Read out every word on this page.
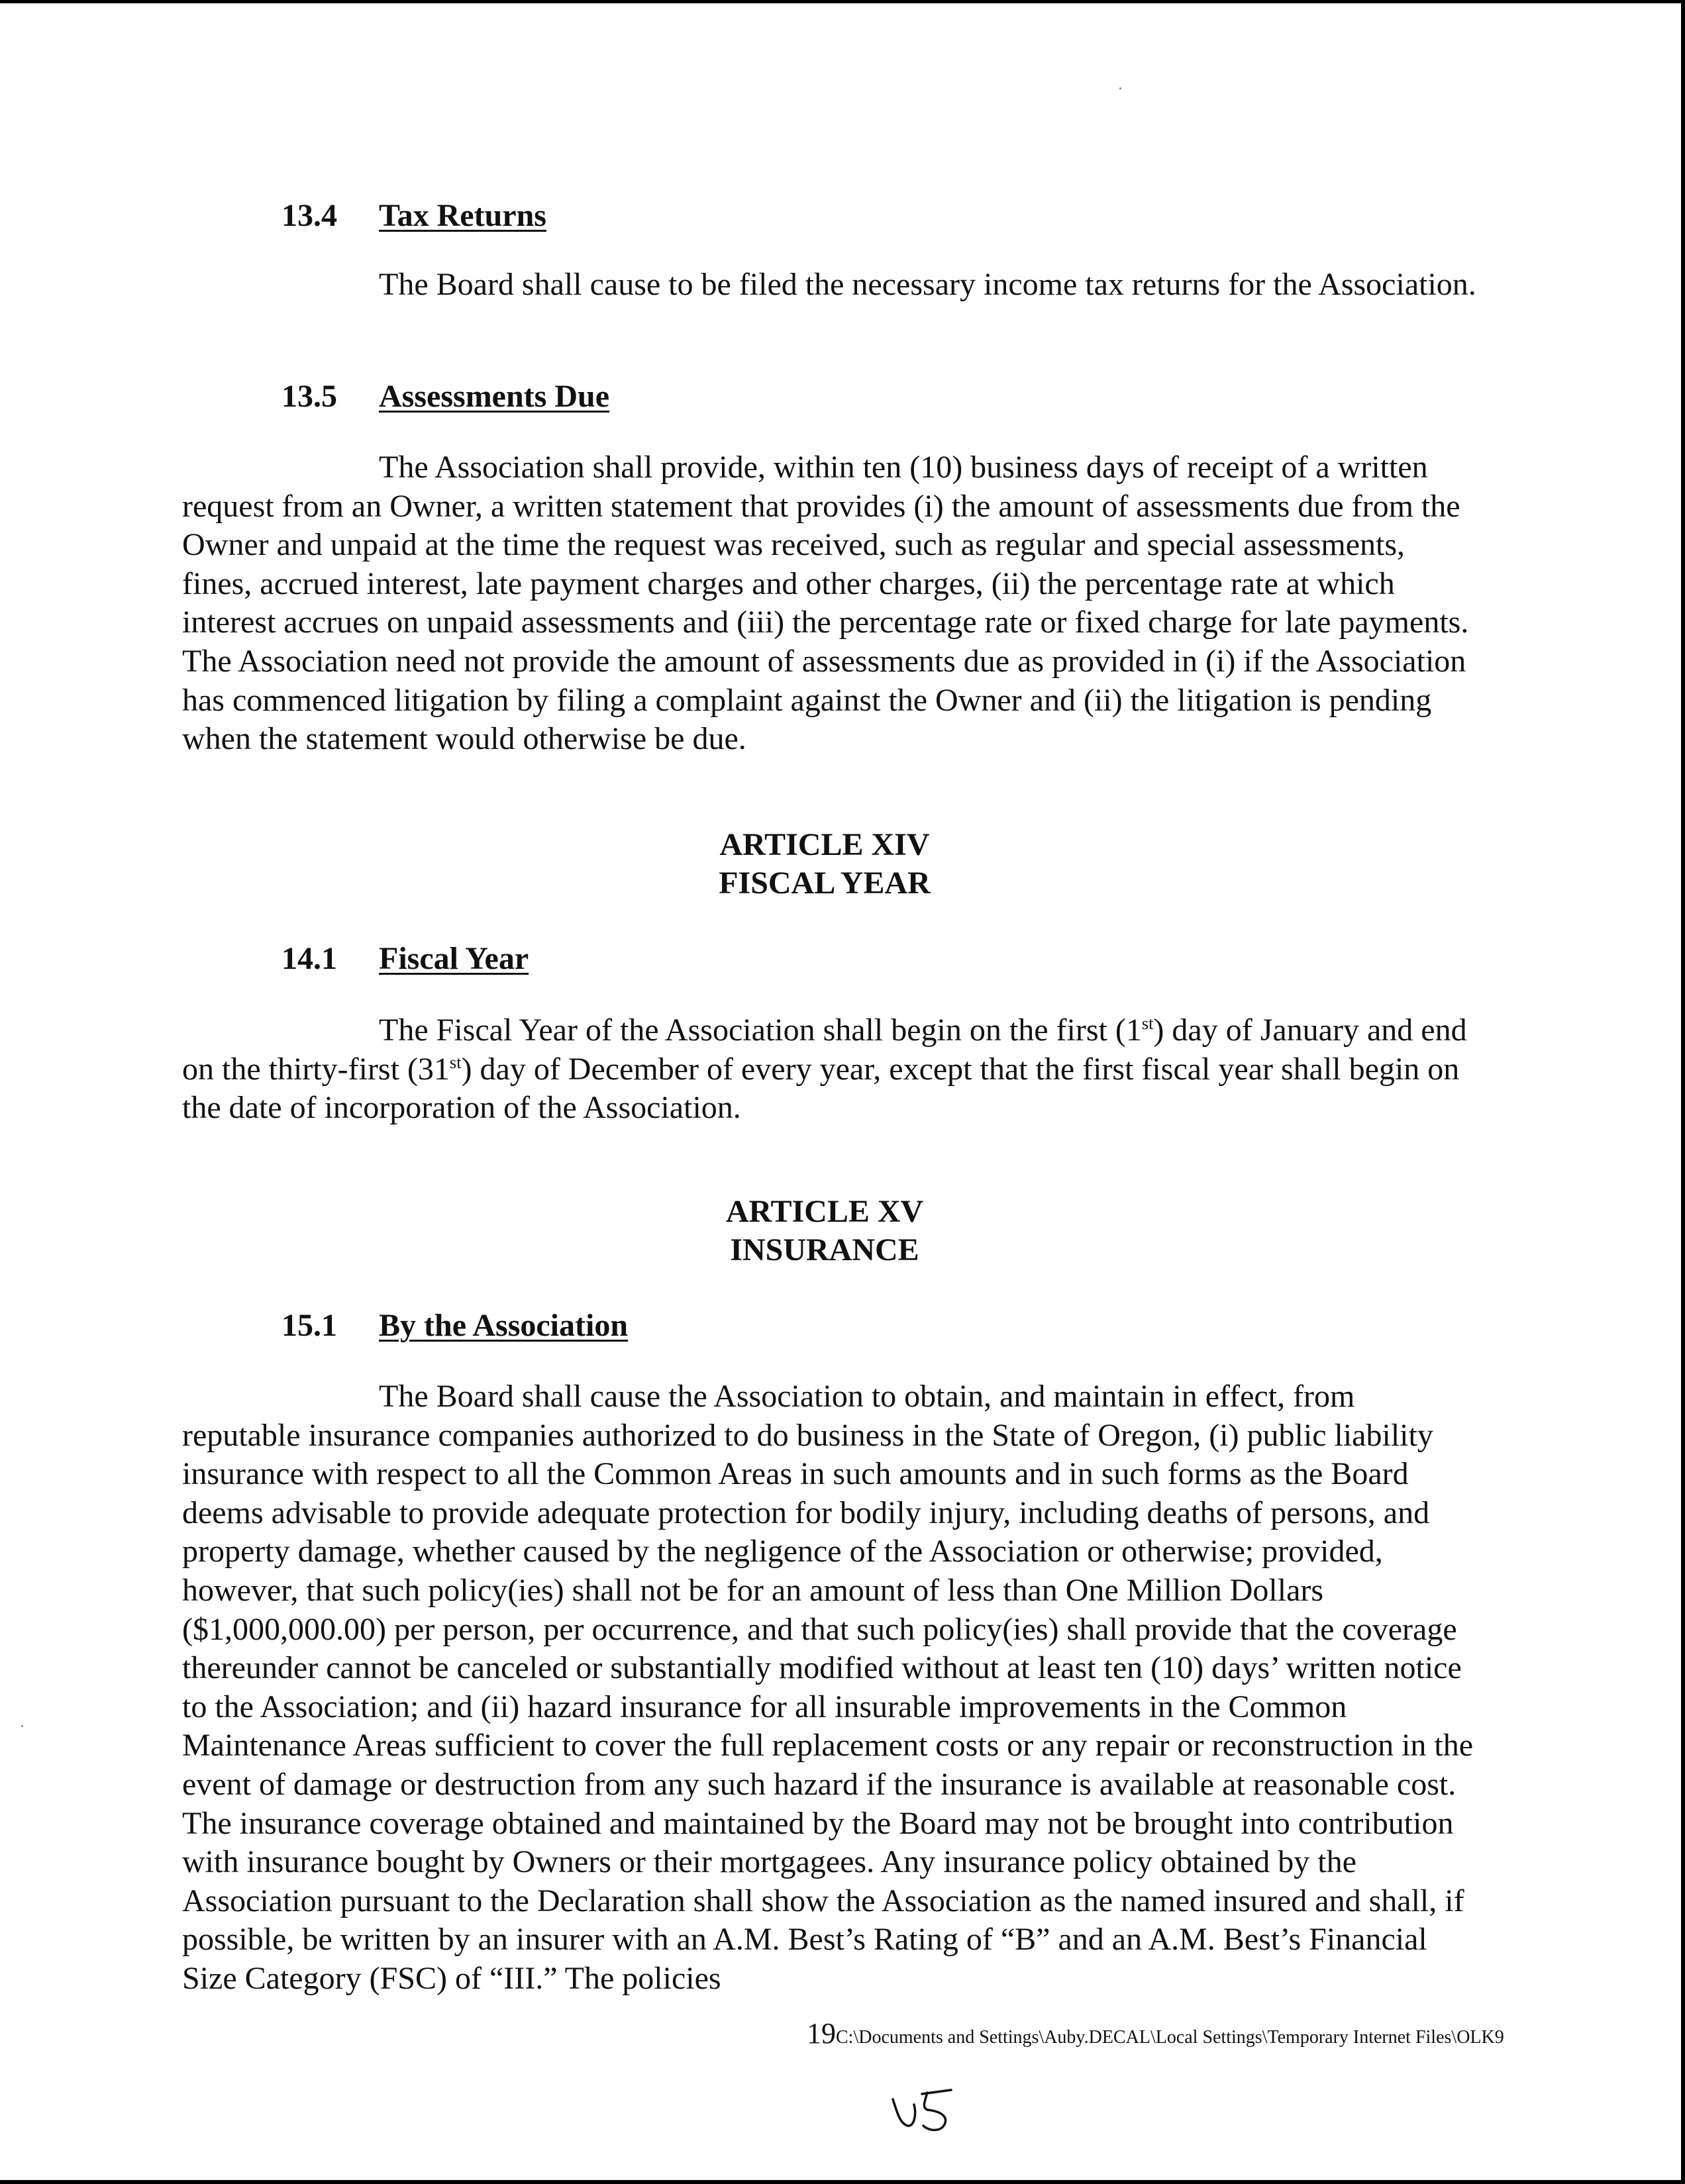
13.4 Tax Returns
The Board shall cause to be filed the necessary income tax returns for the Association.
13.5 Assessments Due
The Association shall provide, within ten (10) business days of receipt of a written request from an Owner, a written statement that provides (i) the amount of assessments due from the Owner and unpaid at the time the request was received, such as regular and special assessments, fines, accrued interest, late payment charges and other charges, (ii) the percentage rate at which interest accrues on unpaid assessments and (iii) the percentage rate or fixed charge for late payments. The Association need not provide the amount of assessments due as provided in (i) if the Association has commenced litigation by filing a complaint against the Owner and (ii) the litigation is pending when the statement would otherwise be due.
ARTICLE XIV
FISCAL YEAR
14.1 Fiscal Year
The Fiscal Year of the Association shall begin on the first (1st) day of January and end on the thirty-first (31st) day of December of every year, except that the first fiscal year shall begin on the date of incorporation of the Association.
ARTICLE XV
INSURANCE
15.1 By the Association
The Board shall cause the Association to obtain, and maintain in effect, from reputable insurance companies authorized to do business in the State of Oregon, (i) public liability insurance with respect to all the Common Areas in such amounts and in such forms as the Board deems advisable to provide adequate protection for bodily injury, including deaths of persons, and property damage, whether caused by the negligence of the Association or otherwise; provided, however, that such policy(ies) shall not be for an amount of less than One Million Dollars ($1,000,000.00) per person, per occurrence, and that such policy(ies) shall provide that the coverage thereunder cannot be canceled or substantially modified without at least ten (10) days’ written notice to the Association; and (ii) hazard insurance for all insurable improvements in the Common Maintenance Areas sufficient to cover the full replacement costs or any repair or reconstruction in the event of damage or destruction from any such hazard if the insurance is available at reasonable cost. The insurance coverage obtained and maintained by the Board may not be brought into contribution with insurance bought by Owners or their mortgagees. Any insurance policy obtained by the Association pursuant to the Declaration shall show the Association as the named insured and shall, if possible, be written by an insurer with an A.M. Best’s Rating of “B” and an A.M. Best’s Financial Size Category (FSC) of “III.” The policies
19C:\Documents and Settings\Auby.DECAL\Local Settings\Temporary Internet Files\OLK9
